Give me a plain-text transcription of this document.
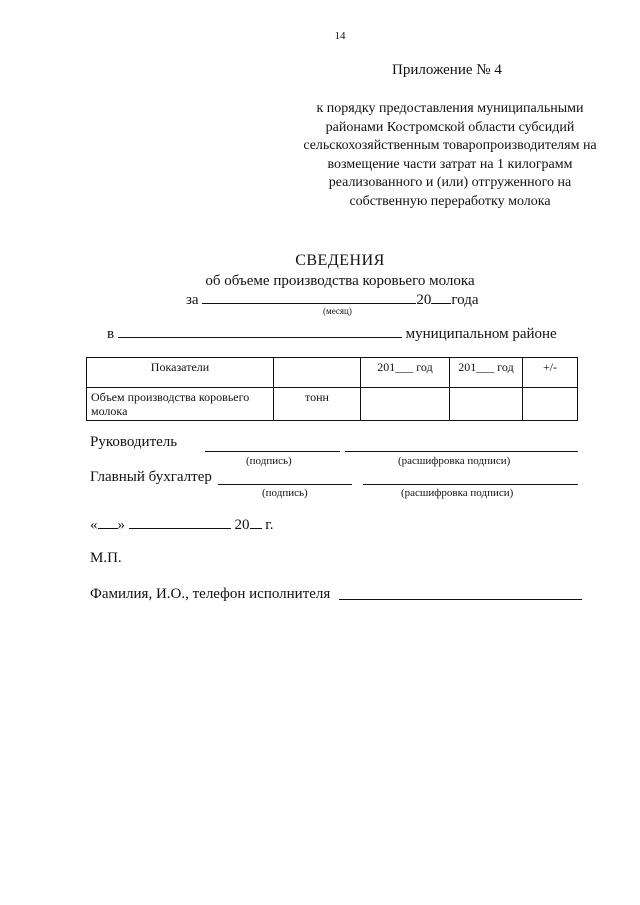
14
Приложение № 4
к порядку предоставления муниципальными районами Костромской области субсидий сельскохозяйственным товаропроизводителям на возмещение части затрат на 1 килограмм реализованного и (или) отгруженного на собственную переработку молока
СВЕДЕНИЯ
об объеме производства коровьего молока
за	20 года
(месяц)
в	муниципальном районе
Показатели		201___ год	201___ год	+/-
Объем производства коровьего молока	тонн			
Руководитель
(подпись)	(расшифровка подписи)
Главный бухгалтер
(подпись)	(расшифровка подписи)
« »	20 г.
М.П.
Фамилия, И.О., телефон исполнителя
